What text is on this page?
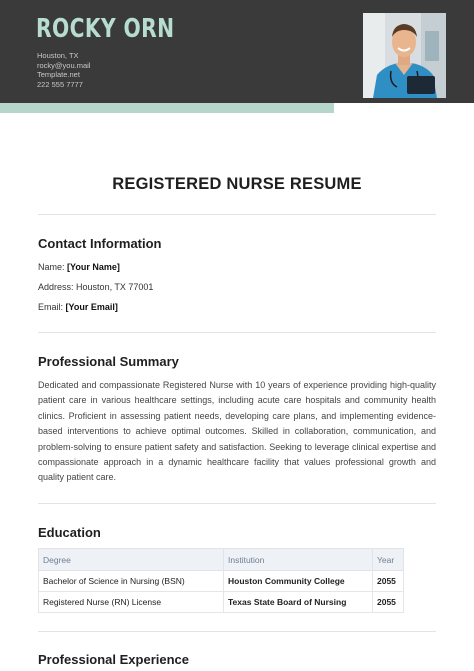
ROCKY ORN
Houston, TX
rocky@you.mail
Template.net
222 555 7777
REGISTERED NURSE RESUME
Contact Information
Name: [Your Name]
Address: Houston, TX 77001
Email: [Your Email]
Professional Summary
Dedicated and compassionate Registered Nurse with 10 years of experience providing high-quality patient care in various healthcare settings, including acute care hospitals and community health clinics. Proficient in assessing patient needs, developing care plans, and implementing evidence-based interventions to achieve optimal outcomes. Skilled in collaboration, communication, and problem-solving to ensure patient safety and satisfaction. Seeking to leverage clinical expertise and compassionate approach in a dynamic healthcare facility that values professional growth and quality patient care.
Education
Degree	Institution	Year
Bachelor of Science in Nursing (BSN)	Houston Community College	2055
Registered Nurse (RN) License	Texas State Board of Nursing	2055
Professional Experience
